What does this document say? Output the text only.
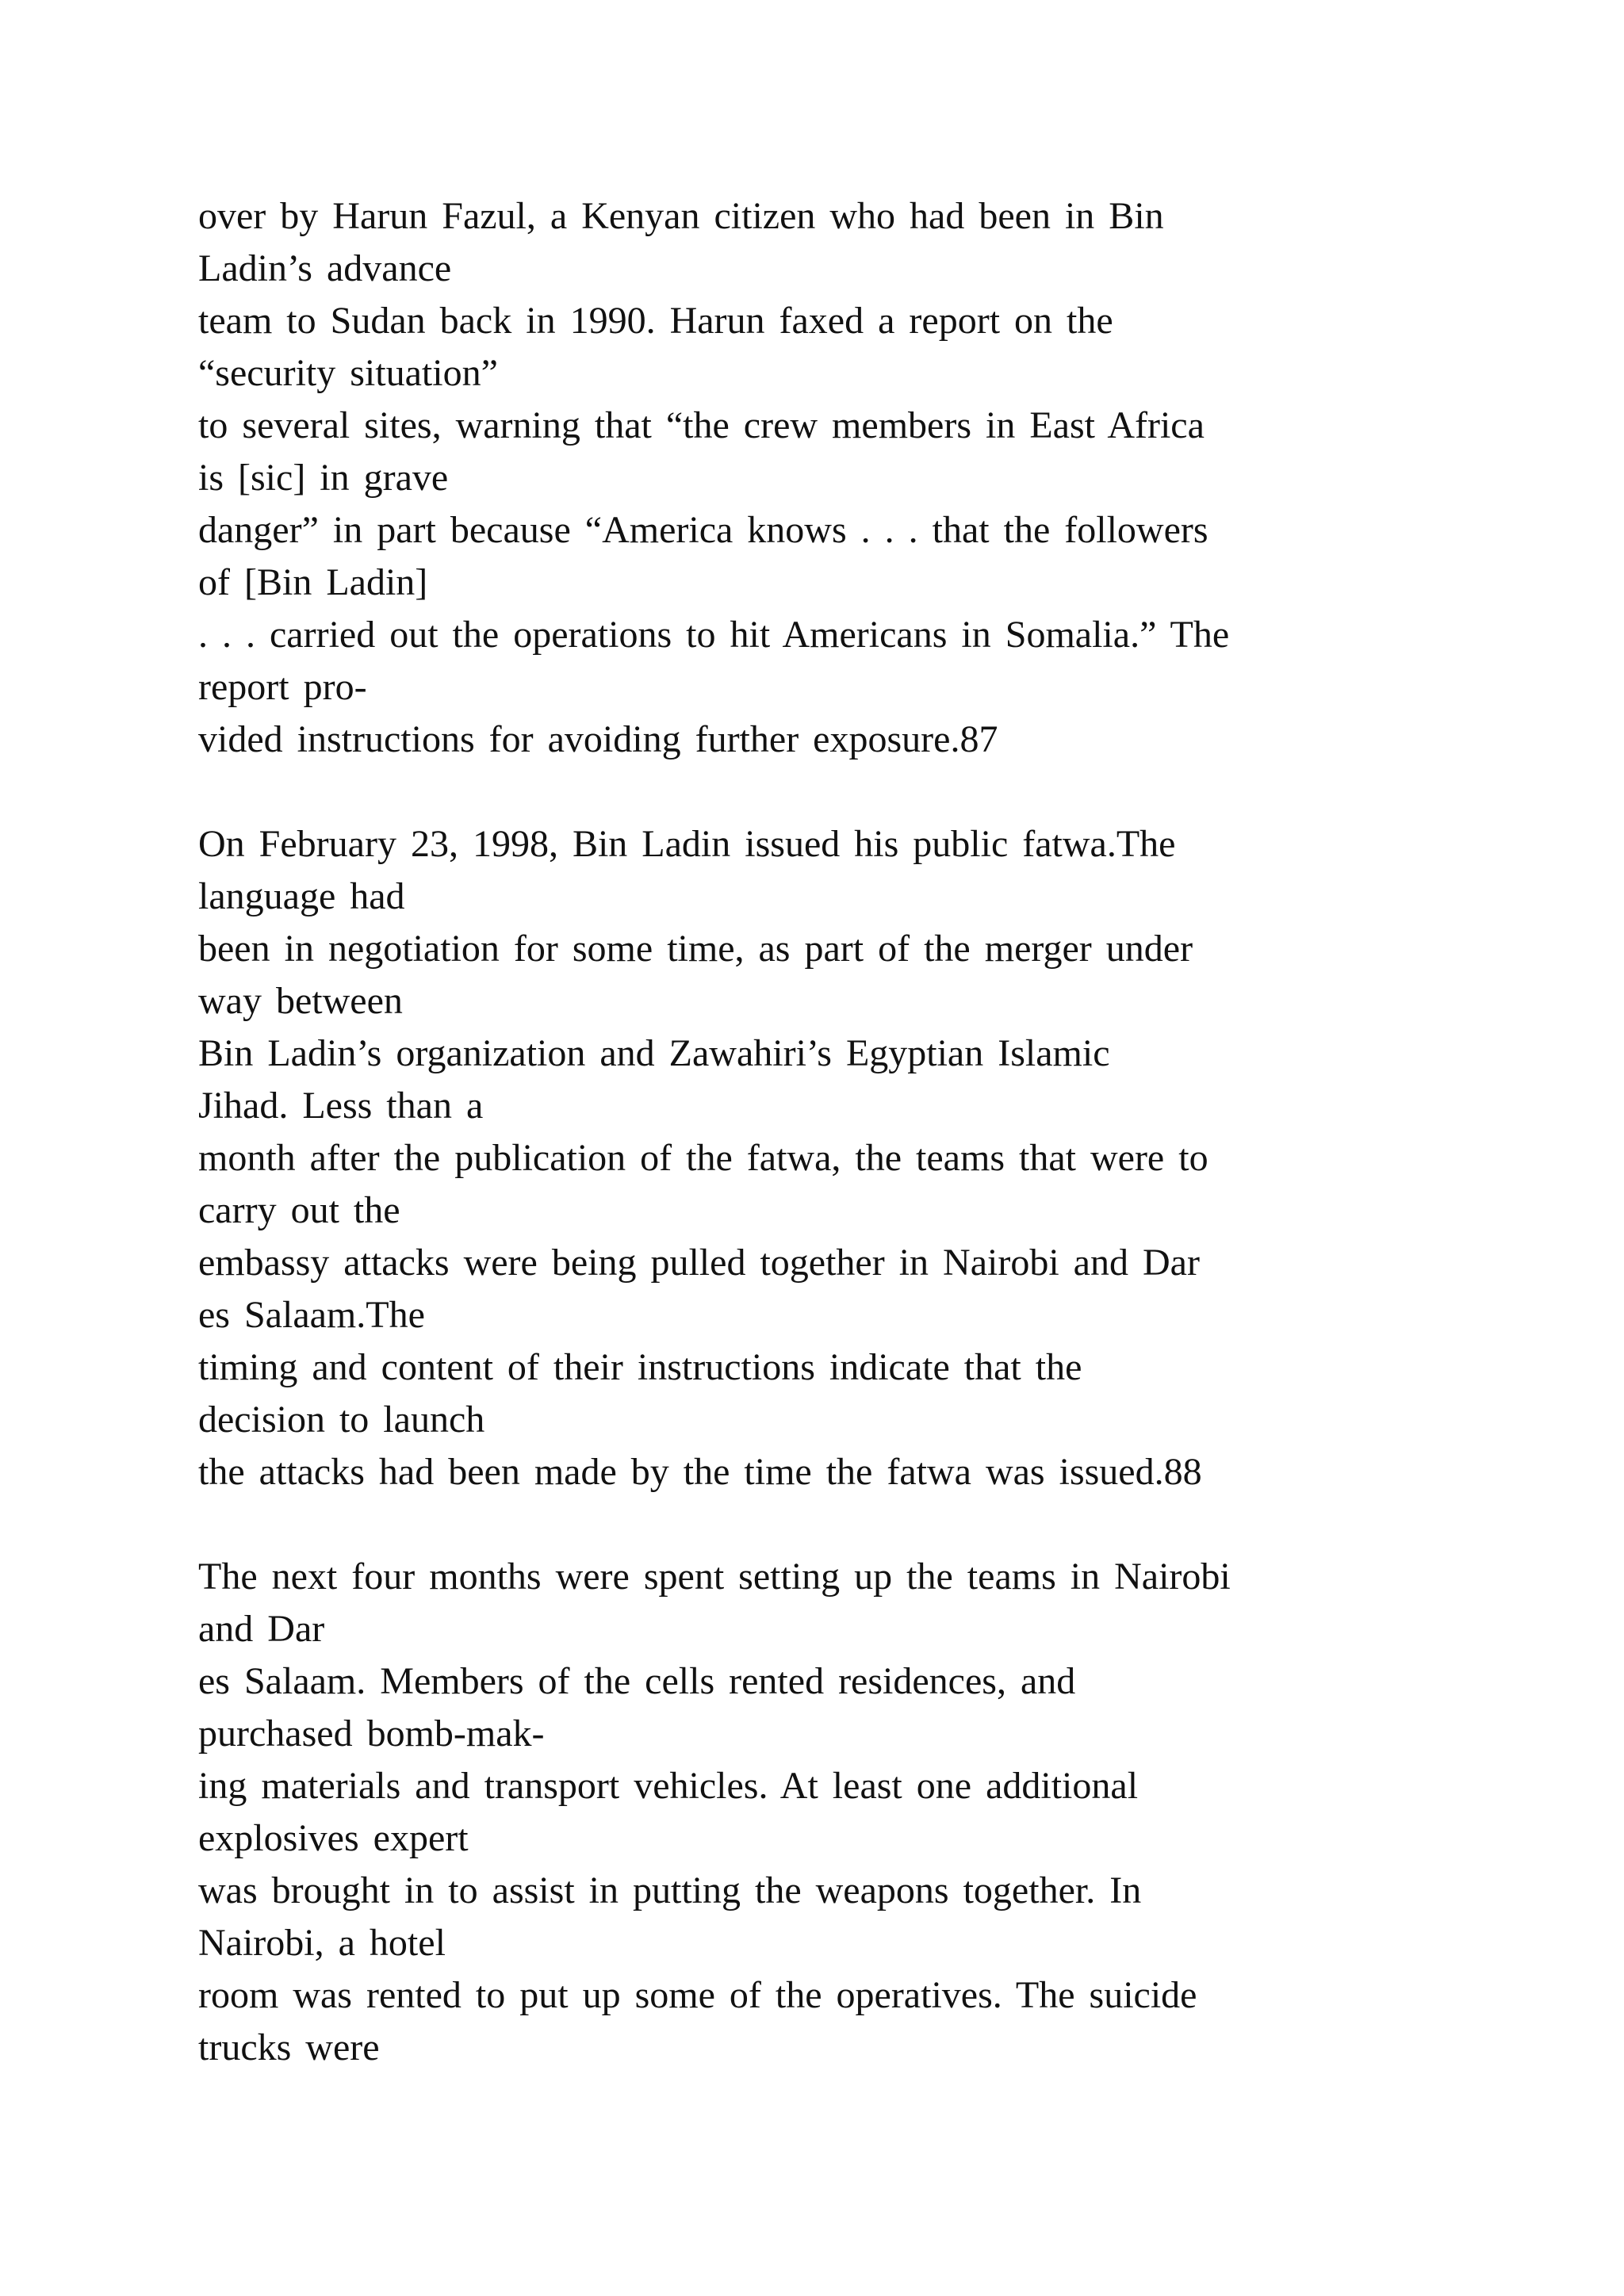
over by Harun Fazul, a Kenyan citizen who had been in Bin
Ladin’s advance
team to Sudan back in 1990. Harun faxed a report on the
“security situation”
to several sites, warning that “the crew members in East Africa
is [sic] in grave
danger” in part because “America knows . . . that the followers
of [Bin Ladin]
. . . carried out the operations to hit Americans in Somalia.” The
report pro-
vided instructions for avoiding further exposure.87
On February 23, 1998, Bin Ladin issued his public fatwa.The
language had
been in negotiation for some time, as part of the merger under
way between
Bin Ladin’s organization and Zawahiri’s Egyptian Islamic
Jihad. Less than a
month after the publication of the fatwa, the teams that were to
carry out the
embassy attacks were being pulled together in Nairobi and Dar
es Salaam.The
timing and content of their instructions indicate that the
decision to launch
the attacks had been made by the time the fatwa was issued.88
The next four months were spent setting up the teams in Nairobi
and Dar
es Salaam. Members of the cells rented residences, and
purchased bomb-mak-
ing materials and transport vehicles. At least one additional
explosives expert
was brought in to assist in putting the weapons together. In
Nairobi, a hotel
room was rented to put up some of the operatives. The suicide
trucks were
